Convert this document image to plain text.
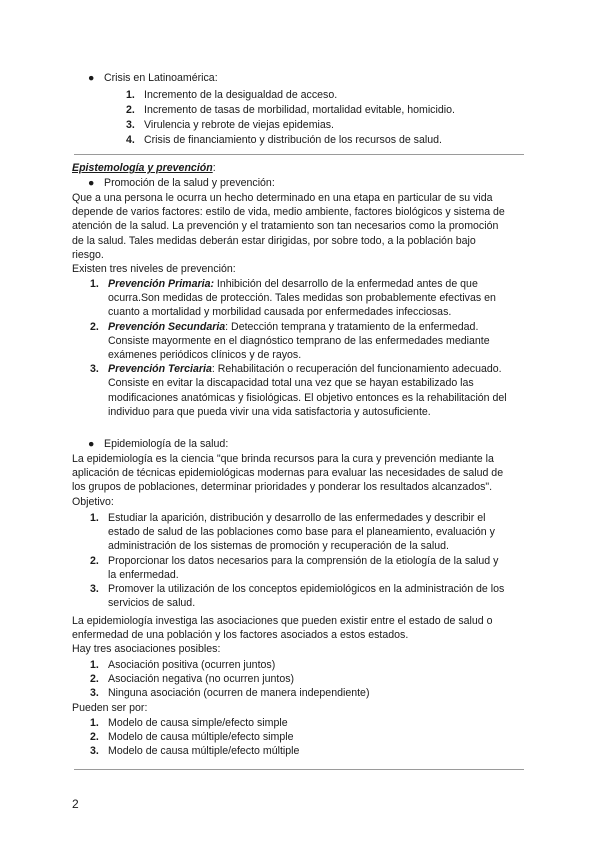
● Crisis en Latinoamérica:
1. Incremento de la desigualdad de acceso.
2. Incremento de tasas de morbilidad, mortalidad evitable, homicidio.
3. Virulencia y rebrote de viejas epidemias.
4. Crisis de financiamiento y distribución de los recursos de salud.
Epistemología y prevención:
● Promoción de la salud y prevención:
Que a una persona le ocurra un hecho determinado en una etapa en particular de su vida
depende de varios factores: estilo de vida, medio ambiente, factores biológicos y sistema de
atención de la salud. La prevención y el tratamiento son tan necesarios como la promoción
de la salud. Tales medidas deberán estar dirigidas, por sobre todo, a la población bajo
riesgo.
Existen tres niveles de prevención:
1. Prevención Primaria: Inhibición del desarrollo de la enfermedad antes de que
ocurra.Son medidas de protección. Tales medidas son probablemente efectivas en
cuanto a mortalidad y morbilidad causada por enfermedades infecciosas.
2. Prevención Secundaria: Detección temprana y tratamiento de la enfermedad.
Consiste mayormente en el diagnóstico temprano de las enfermedades mediante
exámenes periódicos clínicos y de rayos.
3. Prevención Terciaria: Rehabilitación o recuperación del funcionamiento adecuado.
Consiste en evitar la discapacidad total una vez que se hayan estabilizado las
modificaciones anatómicas y fisiológicas. El objetivo entonces es la rehabilitación del
individuo para que pueda vivir una vida satisfactoria y autosuficiente.
● Epidemiología de la salud:
La epidemiología es la ciencia "que brinda recursos para la cura y prevención mediante la
aplicación de técnicas epidemiológicas modernas para evaluar las necesidades de salud de
los grupos de poblaciones, determinar prioridades y ponderar los resultados alcanzados".
Objetivo:
1. Estudiar la aparición, distribución y desarrollo de las enfermedades y describir el
estado de salud de las poblaciones como base para el planeamiento, evaluación y
administración de los sistemas de promoción y recuperación de la salud.
2. Proporcionar los datos necesarios para la comprensión de la etiología de la salud y
la enfermedad.
3. Promover la utilización de los conceptos epidemiológicos en la administración de los
servicios de salud.
La epidemiología investiga las asociaciones que pueden existir entre el estado de salud o
enfermedad de una población y los factores asociados a estos estados.
Hay tres asociaciones posibles:
1. Asociación positiva (ocurren juntos)
2. Asociación negativa (no ocurren juntos)
3. Ninguna asociación (ocurren de manera independiente)
Pueden ser por:
1. Modelo de causa simple/efecto simple
2. Modelo de causa múltiple/efecto simple
3. Modelo de causa múltiple/efecto múltiple
2
